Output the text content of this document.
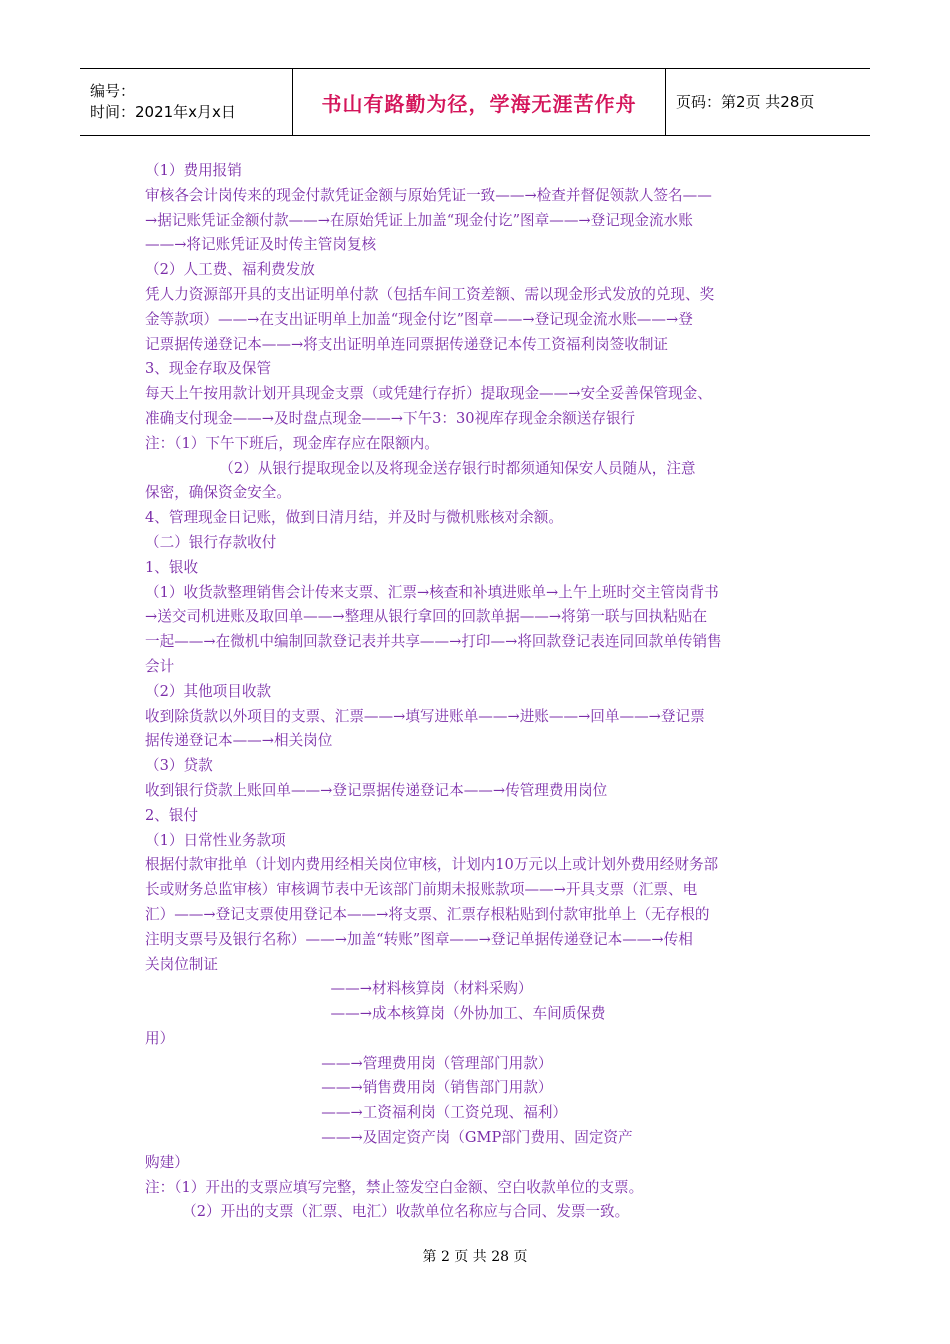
编号：
时间：2021年x月x日	书山有路勤为径，学海无涯苦作舟	页码：第2页 共28页

（1）费用报销

审核各会计岗传来的现金付款凭证金额与原始凭证一致——→检查并督促领款人签名——

→据记账凭证金额付款——→在原始凭证上加盖“现金付讫”图章——→登记现金流水账

——→将记账凭证及时传主管岗复核

（2）人工费、福利费发放

凭人力资源部开具的支出证明单付款（包括车间工资差额、需以现金形式发放的兑现、奖

金等款项）——→在支出证明单上加盖“现金付讫”图章——→登记现金流水账——→登

记票据传递登记本——→将支出证明单连同票据传递登记本传工资福利岗签收制证

3、现金存取及保管

每天上午按用款计划开具现金支票（或凭建行存折）提取现金——→安全妥善保管现金、

准确支付现金——→及时盘点现金——→下午3：30视库存现金余额送存银行

注：（1）下午下班后，现金库存应在限额内。

（2）从银行提取现金以及将现金送存银行时都须通知保安人员随从，注意

保密，确保资金安全。

4、管理现金日记账，做到日清月结，并及时与微机账核对余额。

（二）银行存款收付

1、银收

（1）收货款整理销售会计传来支票、汇票→核查和补填进账单→上午上班时交主管岗背书

→送交司机进账及取回单——→整理从银行拿回的回款单据——→将第一联与回执粘贴在

一起——→在微机中编制回款登记表并共享——→打印—→将回款登记表连同回款单传销售

会计

（2）其他项目收款

收到除货款以外项目的支票、汇票——→填写进账单——→进账——→回单——→登记票

据传递登记本——→相关岗位

（3）贷款

收到银行贷款上账回单——→登记票据传递登记本——→传管理费用岗位

2、银付

（1）日常性业务款项

根据付款审批单（计划内费用经相关岗位审核，计划内10万元以上或计划外费用经财务部

长或财务总监审核）审核调节表中无该部门前期未报账款项——→开具支票（汇票、电

汇）——→登记支票使用登记本——→将支票、汇票存根粘贴到付款审批单上（无存根的

注明支票号及银行名称）——→加盖“转账”图章——→登记单据传递登记本——→传相

关岗位制证

——→材料核算岗（材料采购）

——→成本核算岗（外协加工、车间质保费

用）

——→管理费用岗（管理部门用款）

——→销售费用岗（销售部门用款）

——→工资福利岗（工资兑现、福利）

——→及固定资产岗（GMP部门费用、固定资产

购建）

注：（1）开出的支票应填写完整，禁止签发空白金额、空白收款单位的支票。

（2）开出的支票（汇票、电汇）收款单位名称应与合同、发票一致。

第 2 页 共 28 页
